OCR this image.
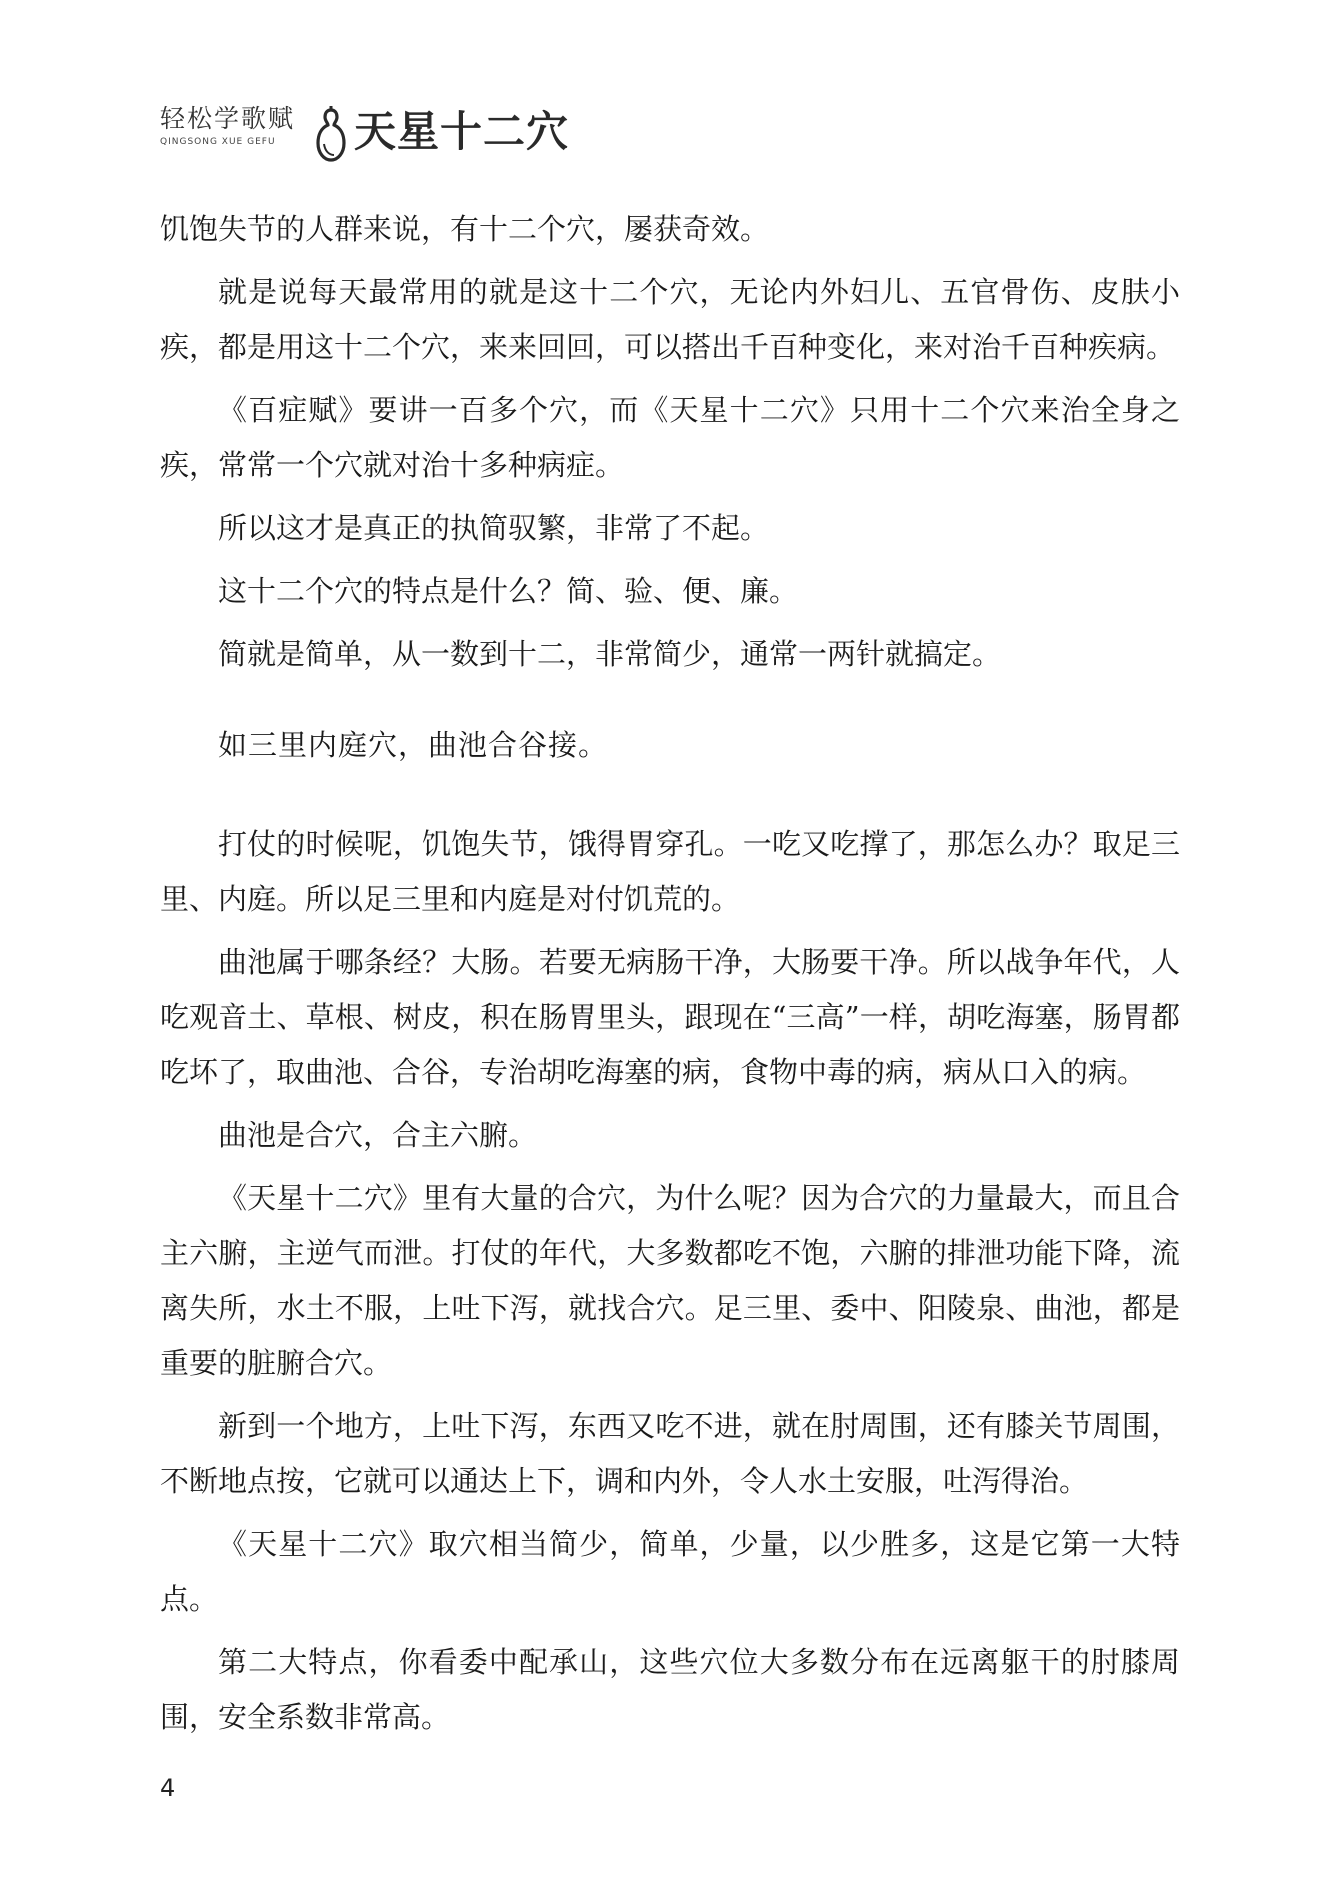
轻松学歌赋
QINGSONG XUE GEFU	天星十二穴

饥饱失节的人群来说，有十二个穴，屡获奇效。

就是说每天最常用的就是这十二个穴，无论内外妇儿、五官骨伤、皮肤小疾，都是用这十二个穴，来来回回，可以搭出千百种变化，来对治千百种疾病。

《百症赋》要讲一百多个穴，而《天星十二穴》只用十二个穴来治全身之疾，常常一个穴就对治十多种病症。

所以这才是真正的执简驭繁，非常了不起。

这十二个穴的特点是什么？简、验、便、廉。

简就是简单，从一数到十二，非常简少，通常一两针就搞定。

如三里内庭穴，曲池合谷接。

打仗的时候呢，饥饱失节，饿得胃穿孔。一吃又吃撑了，那怎么办？取足三里、内庭。所以足三里和内庭是对付饥荒的。

曲池属于哪条经？大肠。若要无病肠干净，大肠要干净。所以战争年代，人吃观音土、草根、树皮，积在肠胃里头，跟现在“三高”一样，胡吃海塞，肠胃都吃坏了，取曲池、合谷，专治胡吃海塞的病，食物中毒的病，病从口入的病。

曲池是合穴，合主六腑。

《天星十二穴》里有大量的合穴，为什么呢？因为合穴的力量最大，而且合主六腑，主逆气而泄。打仗的年代，大多数都吃不饱，六腑的排泄功能下降，流离失所，水土不服，上吐下泻，就找合穴。足三里、委中、阳陵泉、曲池，都是重要的脏腑合穴。

新到一个地方，上吐下泻，东西又吃不进，就在肘周围，还有膝关节周围，不断地点按，它就可以通达上下，调和内外，令人水土安服，吐泻得治。

《天星十二穴》取穴相当简少，简单，少量，以少胜多，这是它第一大特点。

第二大特点，你看委中配承山，这些穴位大多数分布在远离躯干的肘膝周围，安全系数非常高。

4
